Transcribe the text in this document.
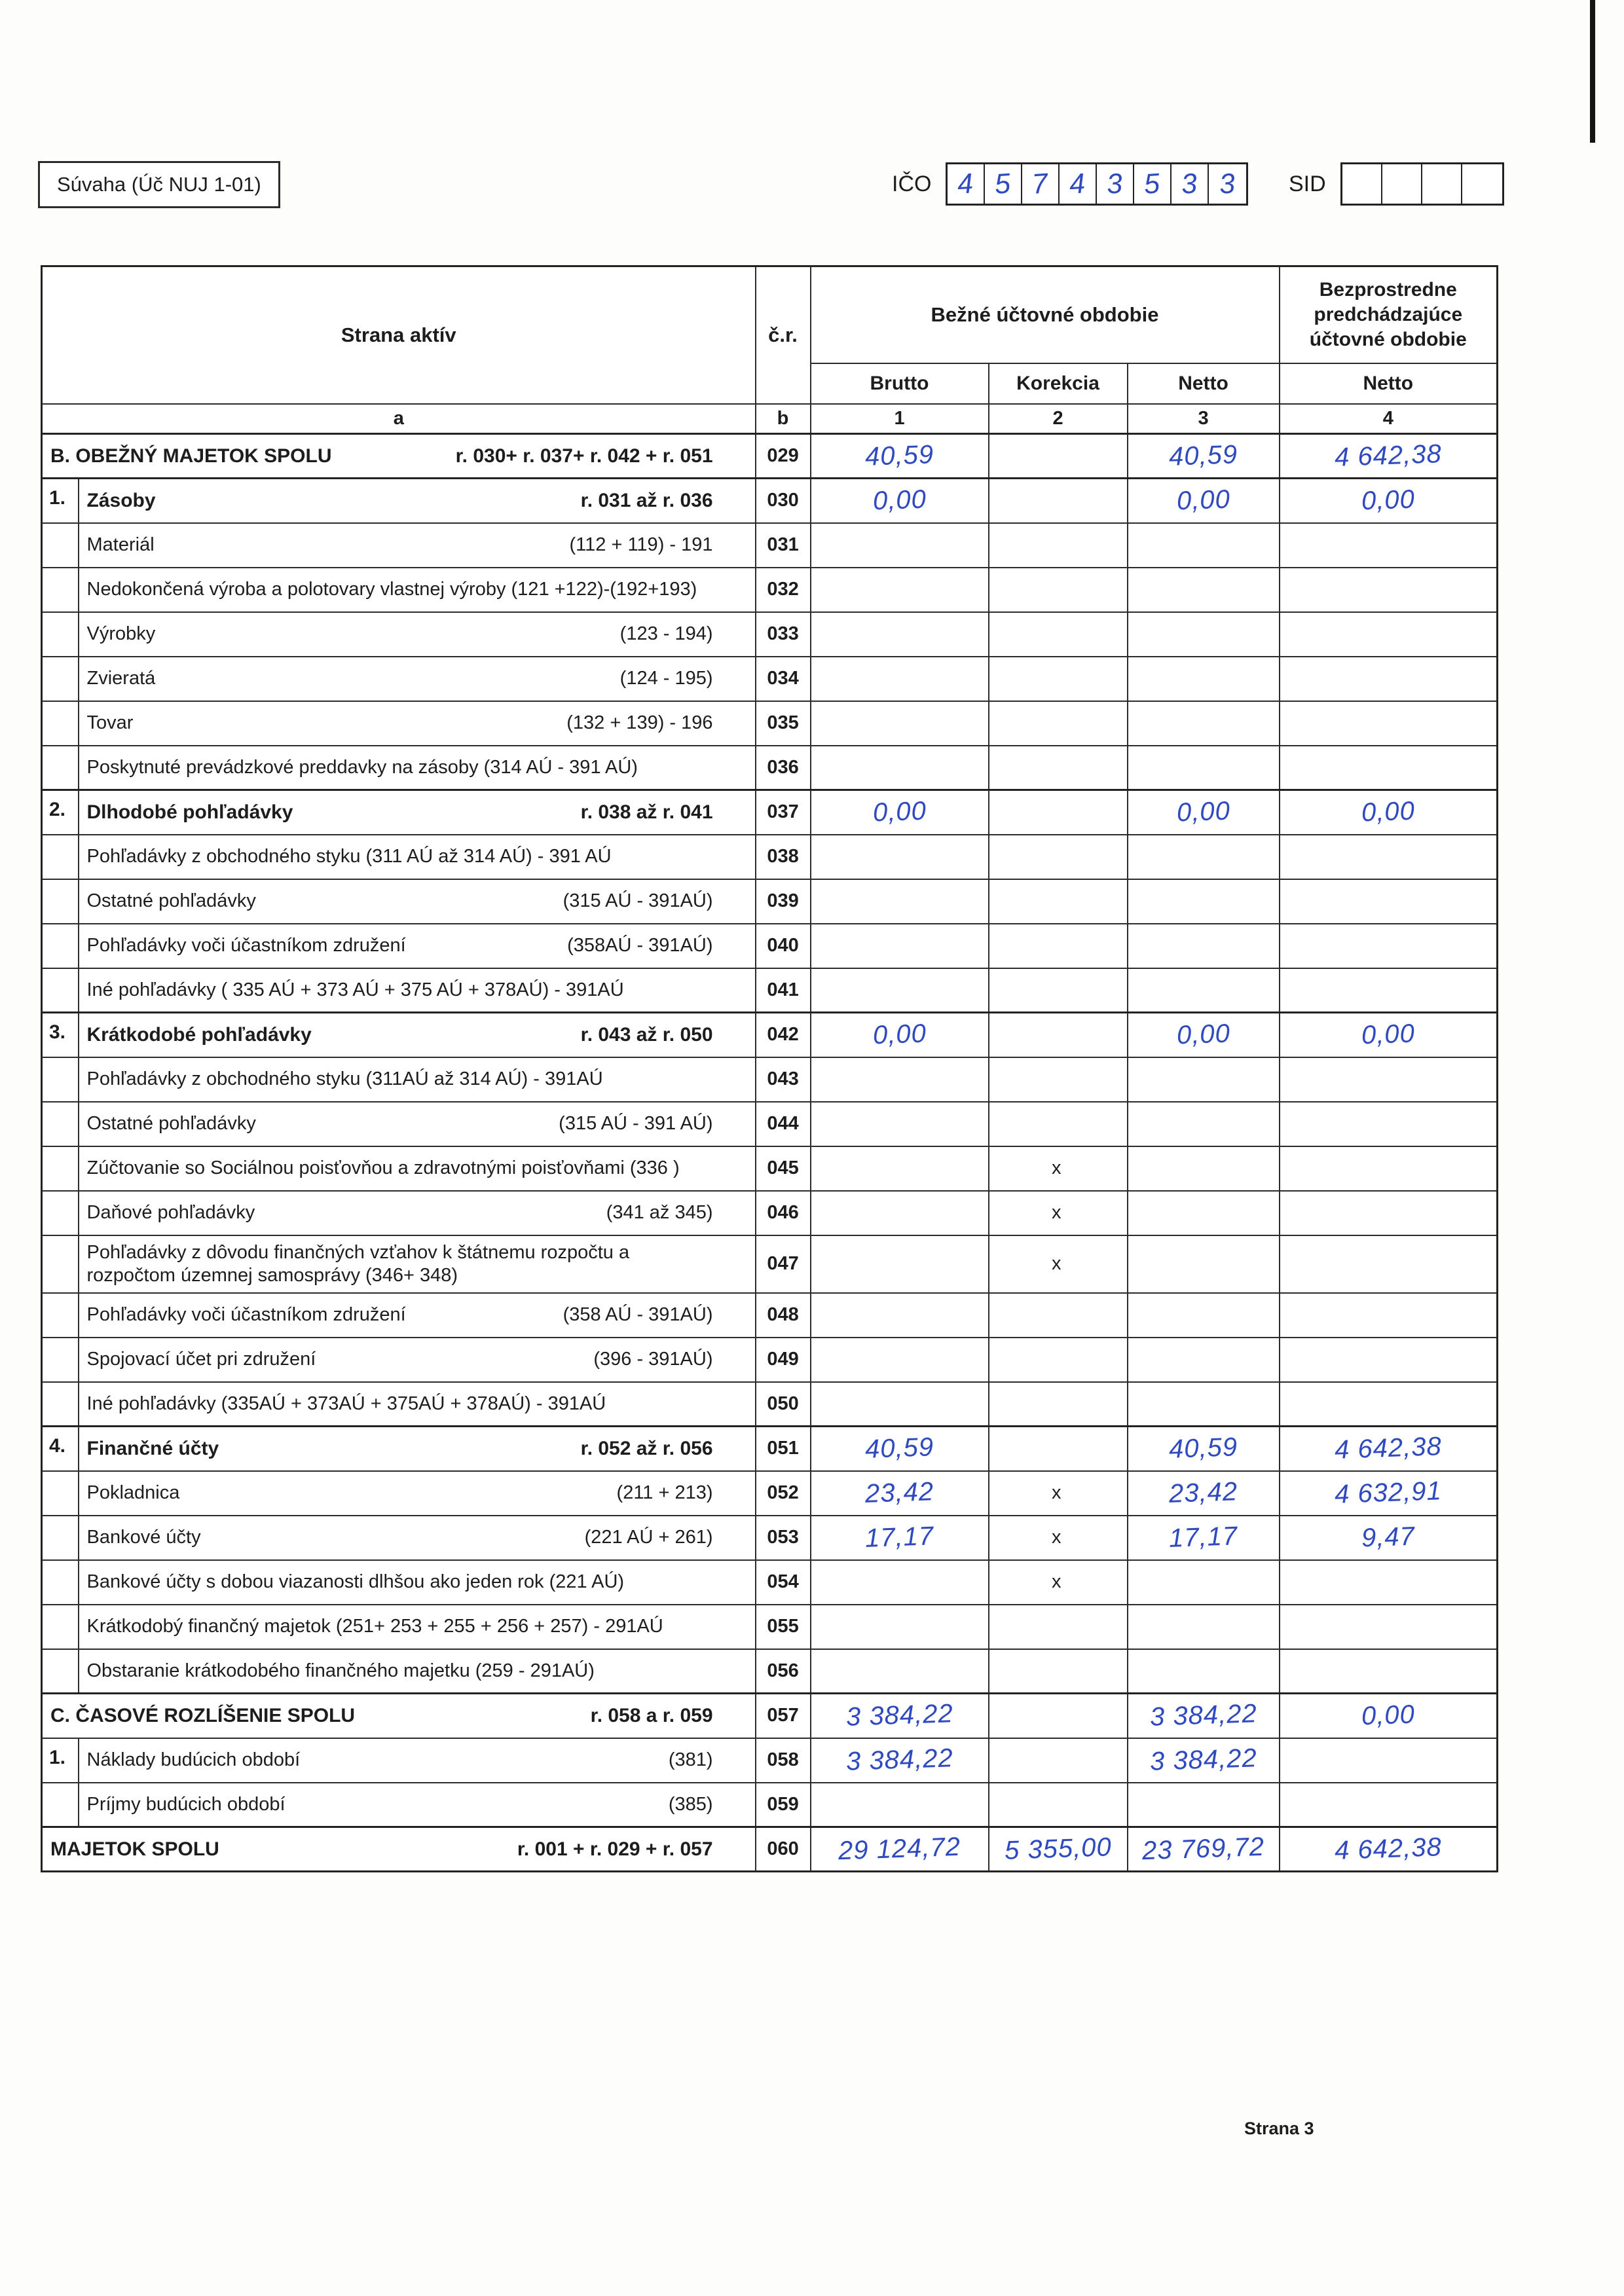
Súvaha (Úč NUJ 1-01)	IČO 4 5 7 4 3 5 3 3 SID
Strana aktív		č.r.	Bežné účtovné obdobie			Bezprostredne predchádzajúce účtovné obdobie
			Brutto	Korekcia	Netto	Netto
a		b	1	2	3	4

B. OBEŽNÝ MAJETOK SPOLU r. 030+ r. 037+ r. 042 + r. 051		029	40,59		40,59	4 642,38
1.	Zásoby r. 031 až r. 036	030	0,00		0,00	0,00

	Materiál (112 + 119) - 191	031				

	Nedokončená výroba a polotovary vlastnej výroby (121 +122)-(192+193)	032				

	Výrobky (123 - 194)	033				

	Zvieratá (124 - 195)	034				

	Tovar (132 + 139) - 196	035				

	Poskytnuté prevádzkové preddavky na zásoby (314 AÚ - 391 AÚ)	036				
2.	Dlhodobé pohľadávky r. 038 až r. 041	037	0,00		0,00	0,00

	Pohľadávky z obchodného styku (311 AÚ až 314 AÚ) - 391 AÚ	038				

	Ostatné pohľadávky (315 AÚ - 391AÚ)	039				

	Pohľadávky voči účastníkom združení (358AÚ - 391AÚ)	040				

	Iné pohľadávky ( 335 AÚ + 373 AÚ + 375 AÚ + 378AÚ) - 391AÚ	041				
3.	Krátkodobé pohľadávky r. 043 až r. 050	042	0,00		0,00	0,00

	Pohľadávky z obchodného styku (311AÚ až 314 AÚ) - 391AÚ	043				

	Ostatné pohľadávky (315 AÚ - 391 AÚ)	044				

	Zúčtovanie so Sociálnou poisťovňou a zdravotnými poisťovňami (336 )	045		x		

	Daňové pohľadávky (341 až 345)	046		x		

	Pohľadávky z dôvodu finančných vzťahov k štátnemu rozpočtu a rozpočtom územnej samosprávy (346+ 348)	047		x		

	Pohľadávky voči účastníkom združení (358 AÚ - 391AÚ)	048				

	Spojovací účet pri združení (396 - 391AÚ)	049				

	Iné pohľadávky (335AÚ + 373AÚ + 375AÚ + 378AÚ) - 391AÚ	050				
4.	Finančné účty r. 052 až r. 056	051	40,59		40,59	4 642,38

	Pokladnica (211 + 213)	052	23,42	x	23,42	4 632,91

	Bankové účty (221 AÚ + 261)	053	17,17	x	17,17	9,47

	Bankové účty s dobou viazanosti dlhšou ako jeden rok (221 AÚ)	054		x		

	Krátkodobý finančný majetok (251+ 253 + 255 + 256 + 257) - 291AÚ	055				

	Obstaranie krátkodobého finančného majetku (259 - 291AÚ)	056				

C. ČASOVÉ ROZLÍŠENIE SPOLU r. 058 a r. 059		057	3 384,22		3 384,22	0,00
1.	Náklady budúcich období (381)	058	3 384,22		3 384,22	

	Príjmy budúcich období (385)	059				

MAJETOK SPOLU r. 001 + r. 029 + r. 057		060	29 124,72	5 355,00	23 769,72	4 642,38
Strana 3
